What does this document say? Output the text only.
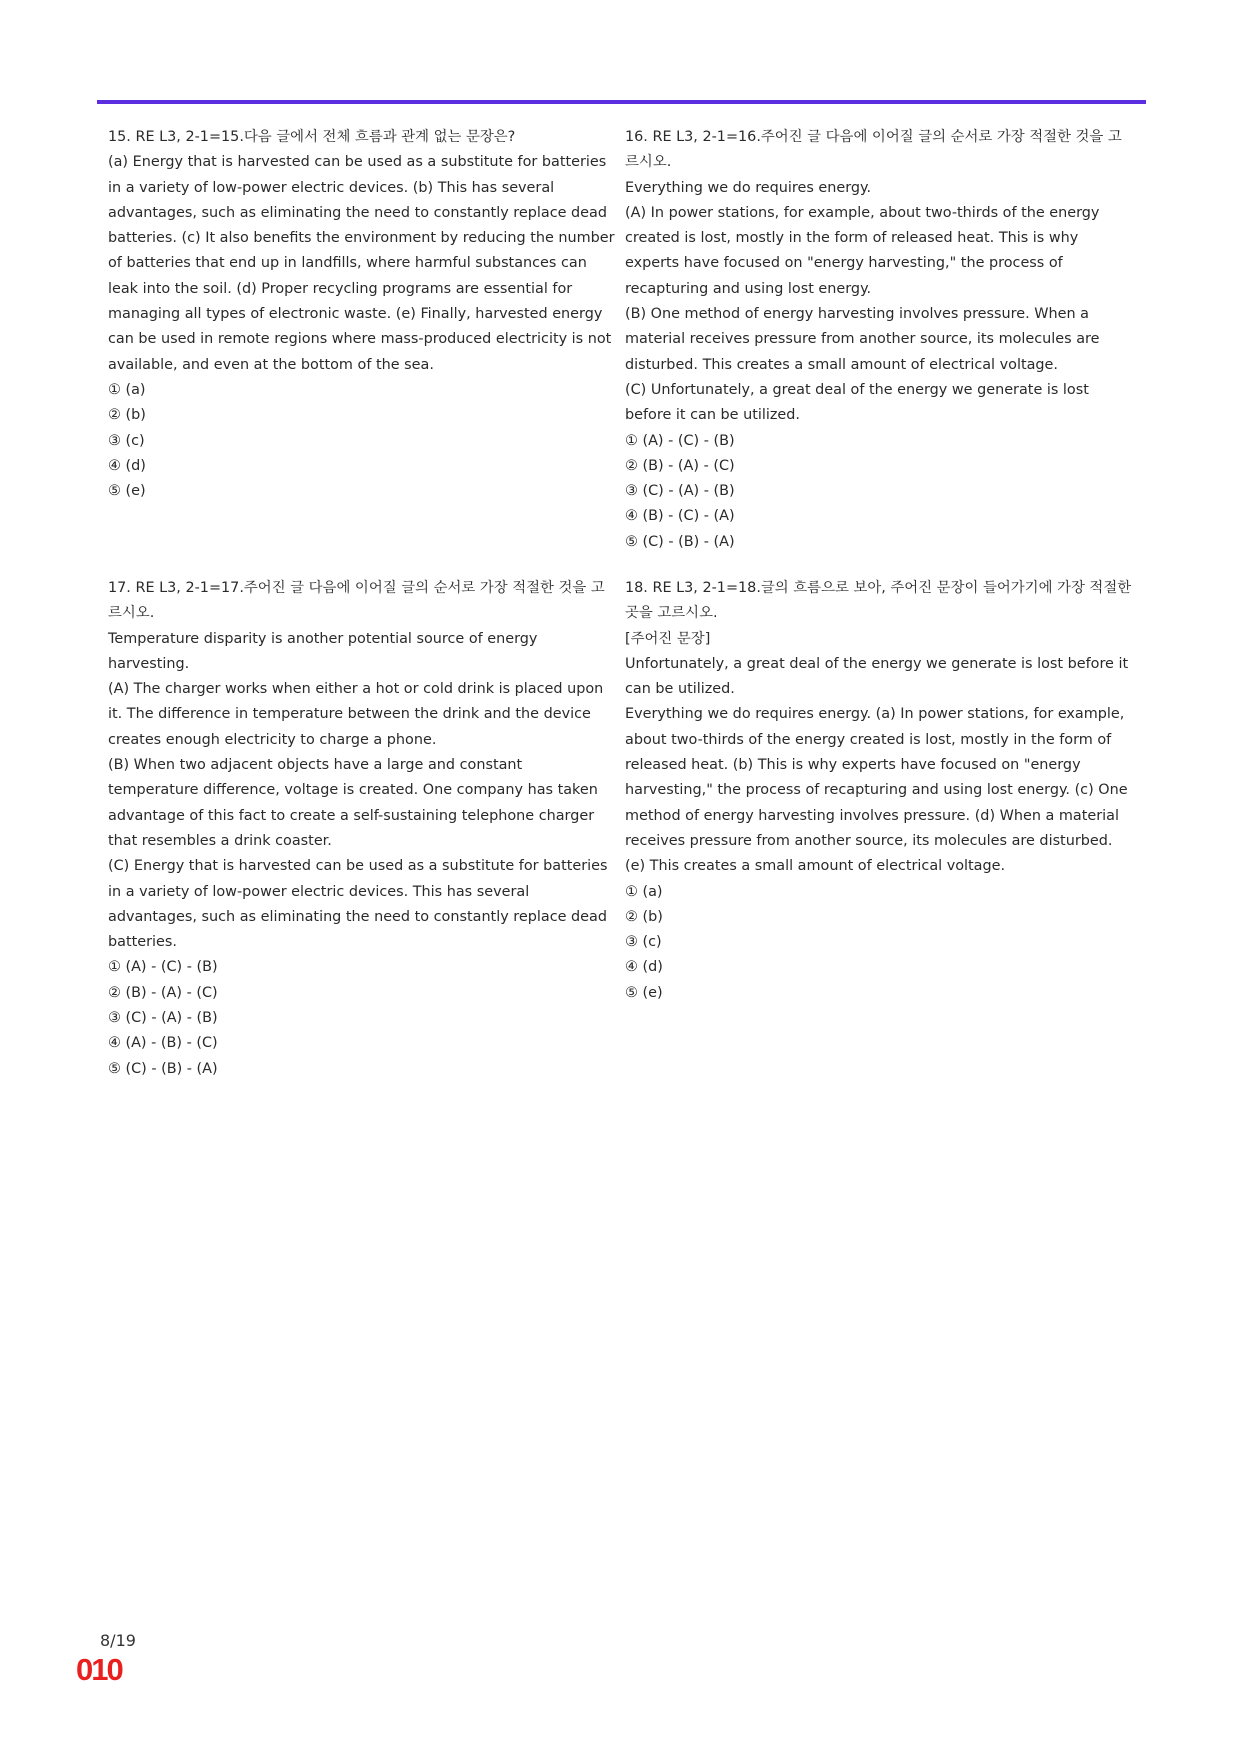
15. RE L3, 2-1=15.다음 글에서 전체 흐름과 관계 없는 문장은?

(a) Energy that is harvested can be used as a substitute for batteries in a variety of low-power electric devices. (b) This has several advantages, such as eliminating the need to constantly replace dead batteries. (c) It also benefits the environment by reducing the number of batteries that end up in landfills, where harmful substances can leak into the soil. (d) Proper recycling programs are essential for managing all types of electronic waste. (e) Finally, harvested energy can be used in remote regions where mass-produced electricity is not available, and even at the bottom of the sea.

① (a)
② (b)
③ (c)
④ (d)
⑤ (e)

16. RE L3, 2-1=16.주어진 글 다음에 이어질 글의 순서로 가장 적절한 것을 고르시오.

Everything we do requires energy.

(A) In power stations, for example, about two-thirds of the energy created is lost, mostly in the form of released heat. This is why experts have focused on "energy harvesting," the process of recapturing and using lost energy.

(B) One method of energy harvesting involves pressure. When a material receives pressure from another source, its molecules are disturbed. This creates a small amount of electrical voltage.

(C) Unfortunately, a great deal of the energy we generate is lost before it can be utilized.

① (A) - (C) - (B)
② (B) - (A) - (C)
③ (C) - (A) - (B)
④ (B) - (C) - (A)
⑤ (C) - (B) - (A)

17. RE L3, 2-1=17.주어진 글 다음에 이어질 글의 순서로 가장 적절한 것을 고르시오.

Temperature disparity is another potential source of energy harvesting.

(A) The charger works when either a hot or cold drink is placed upon it. The difference in temperature between the drink and the device creates enough electricity to charge a phone.

(B) When two adjacent objects have a large and constant temperature difference, voltage is created. One company has taken advantage of this fact to create a self-sustaining telephone charger that resembles a drink coaster.

(C) Energy that is harvested can be used as a substitute for batteries in a variety of low-power electric devices. This has several advantages, such as eliminating the need to constantly replace dead batteries.

① (A) - (C) - (B)
② (B) - (A) - (C)
③ (C) - (A) - (B)
④ (A) - (B) - (C)
⑤ (C) - (B) - (A)

18. RE L3, 2-1=18.글의 흐름으로 보아, 주어진 문장이 들어가기에 가장 적절한 곳을 고르시오.

[주어진 문장]

Unfortunately, a great deal of the energy we generate is lost before it can be utilized.

Everything we do requires energy. (a) In power stations, for example, about two-thirds of the energy created is lost, mostly in the form of released heat. (b) This is why experts have focused on "energy harvesting," the process of recapturing and using lost energy. (c) One method of energy harvesting involves pressure. (d) When a material receives pressure from another source, its molecules are disturbed. (e) This creates a small amount of electrical voltage.

① (a)
② (b)
③ (c)
④ (d)
⑤ (e)
8/19
010
